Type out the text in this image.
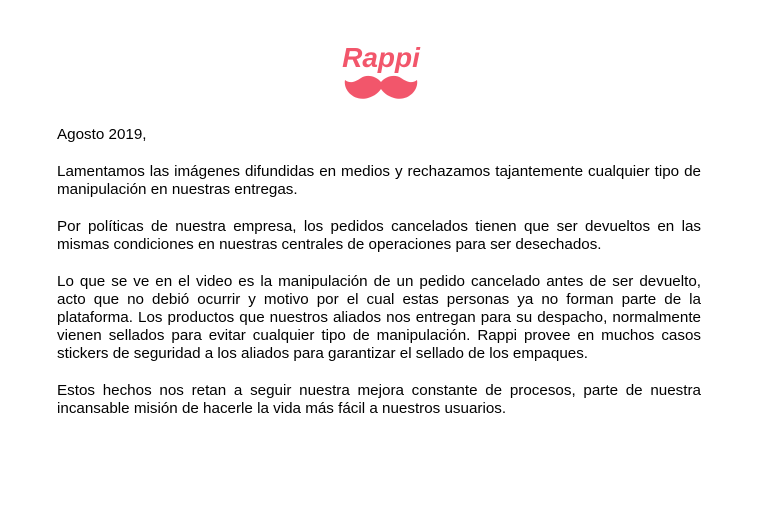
Rappi

Agosto 2019,

Lamentamos las imágenes difundidas en medios y rechazamos tajantemente cualquier tipo de manipulación en nuestras entregas.

Por políticas de nuestra empresa, los pedidos cancelados tienen que ser devueltos en las mismas condiciones en nuestras centrales de operaciones para ser desechados.

Lo que se ve en el video es la manipulación de un pedido cancelado antes de ser devuelto, acto que no debió ocurrir y motivo por el cual estas personas ya no forman parte de la plataforma. Los productos que nuestros aliados nos entregan para su despacho, normalmente vienen sellados para evitar cualquier tipo de manipulación. Rappi provee en muchos casos stickers de seguridad a los aliados para garantizar el sellado de los empaques.

Estos hechos nos retan a seguir nuestra mejora constante de procesos, parte de nuestra incansable misión de hacerle la vida más fácil a nuestros usuarios.
